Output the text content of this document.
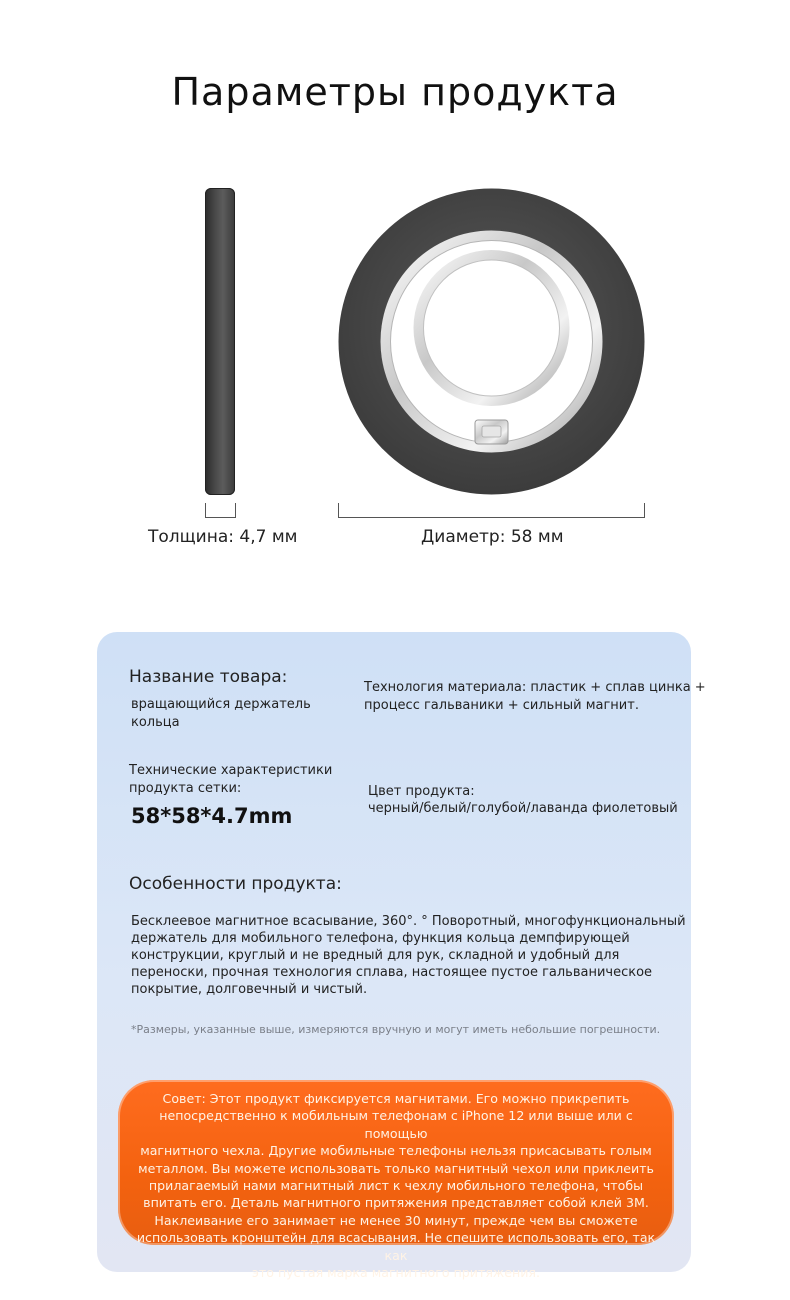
Параметры продукта
Толщина: 4,7 мм	Диаметр: 58 мм
Название товара:
вращающийся держатель
кольца
Технология материала: пластик + сплав цинка +
процесс гальваники + сильный магнит.
Технические характеристики
продукта сетки:
58*58*4.7mm
Цвет продукта:
черный/белый/голубой/лаванда фиолетовый
Особенности продукта:
Бесклеевое магнитное всасывание, 360°. ° Поворотный, многофункциональный
держатель для мобильного телефона, функция кольца демпфирующей
конструкции, круглый и не вредный для рук, складной и удобный для
переноски, прочная технология сплава, настоящее пустое гальваническое
покрытие, долговечный и чистый.
*Размеры, указанные выше, измеряются вручную и могут иметь небольшие погрешности.
Совет: Этот продукт фиксируется магнитами. Его можно прикрепить
непосредственно к мобильным телефонам с iPhone 12 или выше или с помощью
магнитного чехла. Другие мобильные телефоны нельзя присасывать голым
металлом. Вы можете использовать только магнитный чехол или приклеить
прилагаемый нами магнитный лист к чехлу мобильного телефона, чтобы
впитать его. Деталь магнитного притяжения представляет собой клей 3M.
Наклеивание его занимает не менее 30 минут, прежде чем вы сможете
использовать кронштейн для всасывания. Не спешите использовать его, так как
это пустая марка магнитного притяжения.
